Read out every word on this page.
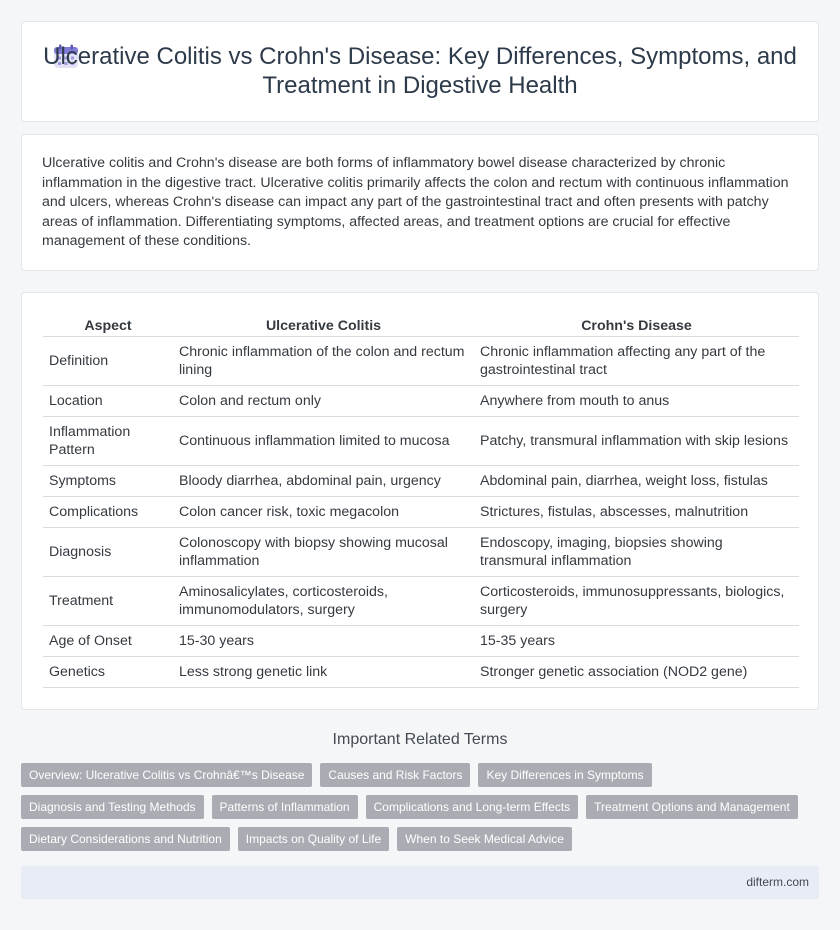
Ulcerative Colitis vs Crohn's Disease: Key Differences, Symptoms, and Treatment in Digestive Health

Ulcerative colitis and Crohn's disease are both forms of inflammatory bowel disease characterized by chronic inflammation in the digestive tract. Ulcerative colitis primarily affects the colon and rectum with continuous inflammation and ulcers, whereas Crohn's disease can impact any part of the gastrointestinal tract and often presents with patchy areas of inflammation. Differentiating symptoms, affected areas, and treatment options are crucial for effective management of these conditions.

Aspect	Ulcerative Colitis	Crohn's Disease
Definition	Chronic inflammation of the colon and rectum lining	Chronic inflammation affecting any part of the gastrointestinal tract
Location	Colon and rectum only	Anywhere from mouth to anus
Inflammation Pattern	Continuous inflammation limited to mucosa	Patchy, transmural inflammation with skip lesions
Symptoms	Bloody diarrhea, abdominal pain, urgency	Abdominal pain, diarrhea, weight loss, fistulas
Complications	Colon cancer risk, toxic megacolon	Strictures, fistulas, abscesses, malnutrition
Diagnosis	Colonoscopy with biopsy showing mucosal inflammation	Endoscopy, imaging, biopsies showing transmural inflammation
Treatment	Aminosalicylates, corticosteroids, immunomodulators, surgery	Corticosteroids, immunosuppressants, biologics, surgery
Age of Onset	15-30 years	15-35 years
Genetics	Less strong genetic link	Stronger genetic association (NOD2 gene)
Important Related Terms
Overview: Ulcerative Colitis vs Crohnâ€™s Disease	Causes and Risk Factors	Key Differences in Symptoms
Diagnosis and Testing Methods	Patterns of Inflammation	Complications and Long-term Effects	Treatment Options and Management
Dietary Considerations and Nutrition	Impacts on Quality of Life	When to Seek Medical Advice
difterm.com
